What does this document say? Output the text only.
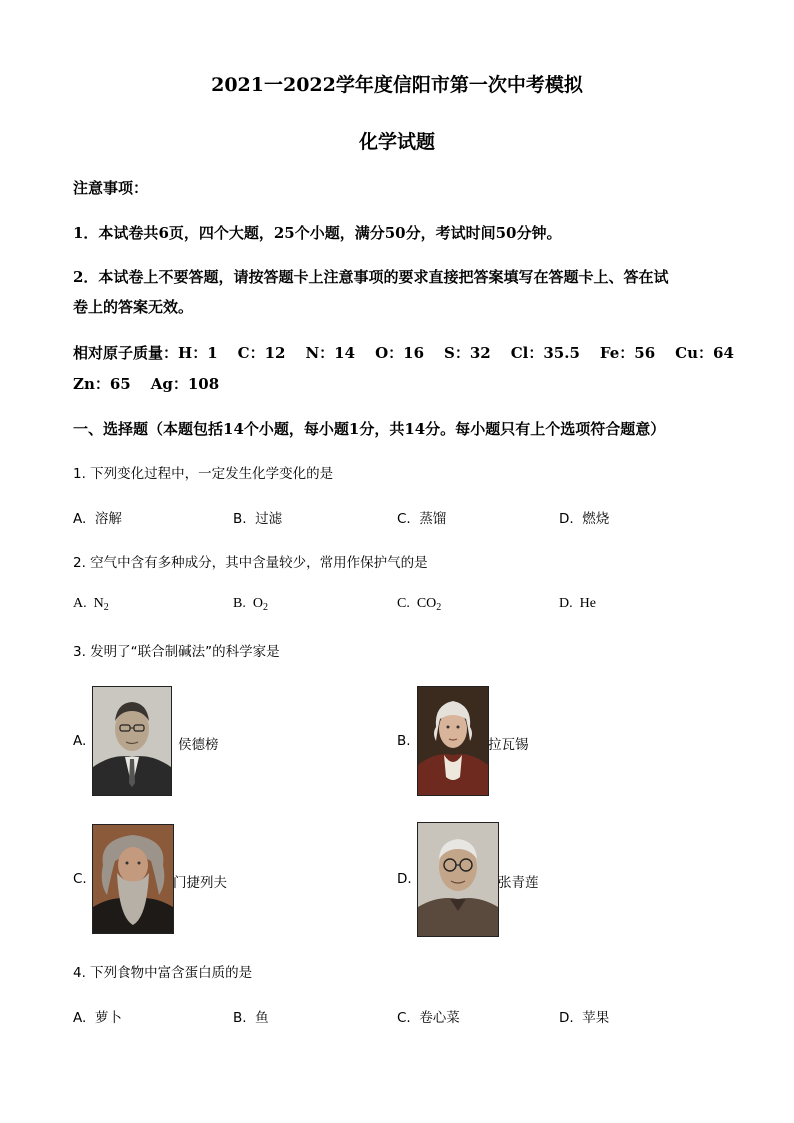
2021一2022学年度信阳市第一次中考模拟
化学试题
注意事项：
1．本试卷共6页，四个大题，25个小题，满分50分，考试时间50分钟。
2．本试卷上不要答题，请按答题卡上注意事项的要求直接把答案填写在答题卡上、答在试
卷上的答案无效。
相对原子质量：H：1 C：12 N：14 O：16 S：32 Cl：35.5 Fe：56 Cu：64
Zn：65 Ag：108
一、选择题（本题包括14个小题，每小题1分，共14分。每小题只有上个选项符合题意）
1. 下列变化过程中，一定发生化学变化的是
A. 溶解	B. 过滤	C. 蒸馏	D. 燃烧
2. 空气中含有多种成分，其中含量较少，常用作保护气的是
A. $N_2$	B. $O_2$	C. $CO_2$	D. He
3. 发明了“联合制碱法”的科学家是
A.	侯德榜	B.	拉瓦锡
C.	门捷列夫	D.	张青莲
4. 下列食物中富含蛋白质的是
A. 萝卜	B. 鱼	C. 卷心菜	D. 苹果
